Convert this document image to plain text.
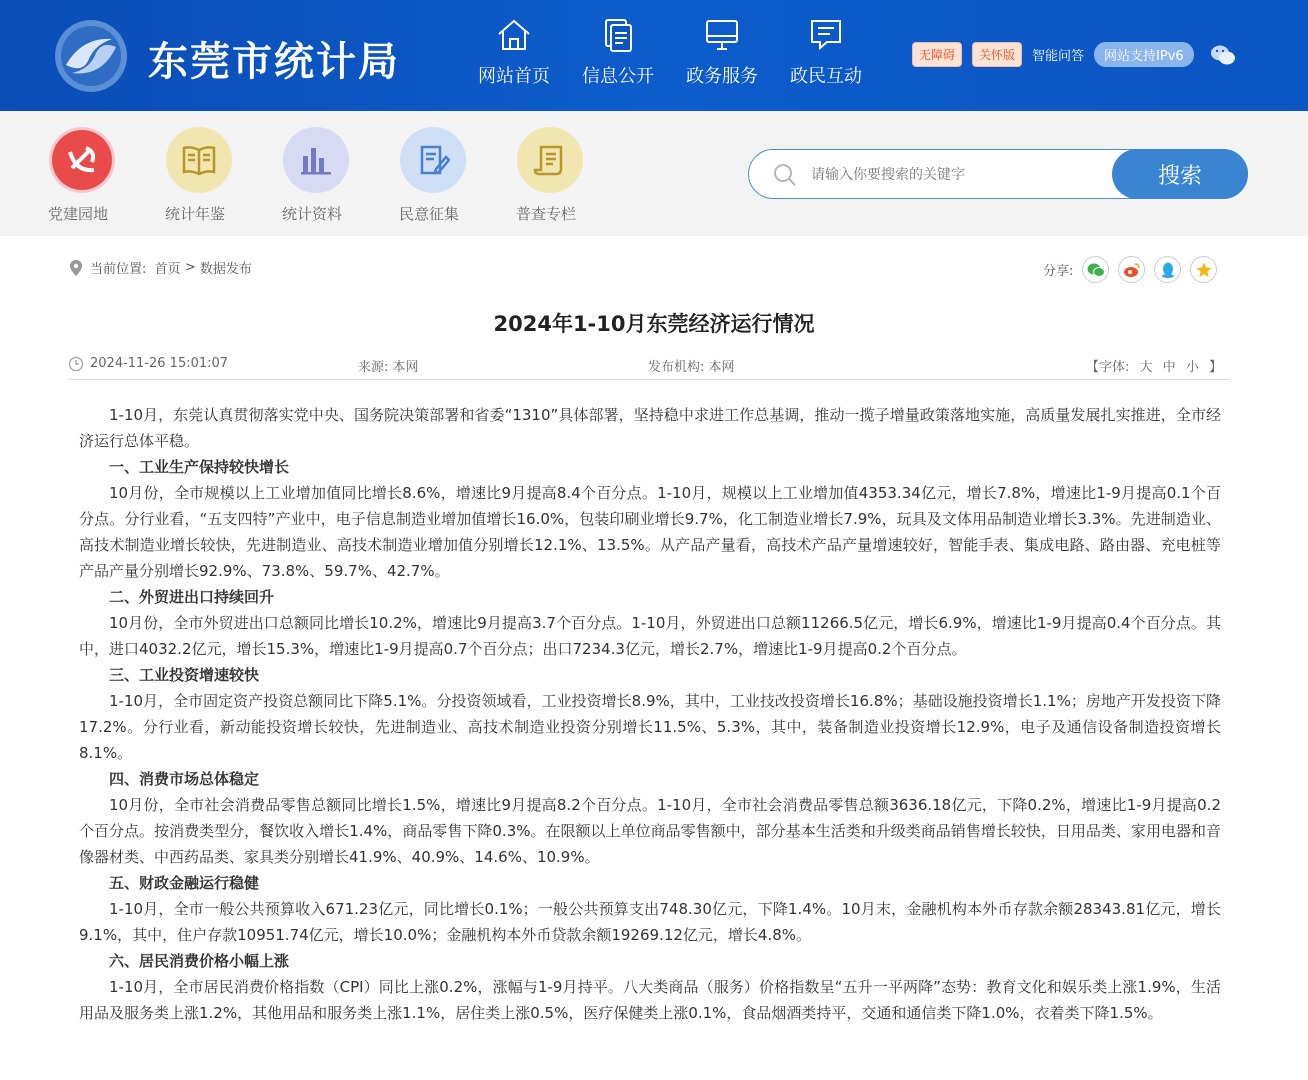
东莞市统计局	网站首页 信息公开 政务服务 政民互动
无障碍	关怀版	智能问答	网站支持IPv6
党建园地	统计年鉴	统计资料	民意征集	普查专栏
请输入你要搜索的关键字
搜索
当前位置:
首页
>
数据发布	分享:
2024年1-10月东莞经济运行情况
2024-11-26 15:01:07	来源: 本网	发布机构: 本网	【字体: 大 中 小 】

1-10月，东莞认真贯彻落实党中央、国务院决策部署和省委“1310”具体部署，坚持稳中求进工作总基调，推动一揽子增量政策落地实施，高质量发展扎实推进，全市经济运行总体平稳。

一、工业生产保持较快增长

10月份，全市规模以上工业增加值同比增长8.6%，增速比9月提高8.4个百分点。1-10月，规模以上工业增加值4353.34亿元，增长7.8%，增速比1-9月提高0.1个百分点。分行业看，“五支四特”产业中，电子信息制造业增加值增长16.0%，包装印刷业增长9.7%，化工制造业增长7.9%，玩具及文体用品制造业增长3.3%。先进制造业、高技术制造业增长较快，先进制造业、高技术制造业增加值分别增长12.1%、13.5%。从产品产量看，高技术产品产量增速较好，智能手表、集成电路、路由器、充电桩等产品产量分别增长92.9%、73.8%、59.7%、42.7%。

二、外贸进出口持续回升

10月份，全市外贸进出口总额同比增长10.2%，增速比9月提高3.7个百分点。1-10月，外贸进出口总额11266.5亿元，增长6.9%，增速比1-9月提高0.4个百分点。其中，进口4032.2亿元，增长15.3%，增速比1-9月提高0.7个百分点；出口7234.3亿元，增长2.7%，增速比1-9月提高0.2个百分点。

三、工业投资增速较快

1-10月，全市固定资产投资总额同比下降5.1%。分投资领域看，工业投资增长8.9%，其中，工业技改投资增长16.8%；基础设施投资增长1.1%；房地产开发投资下降17.2%。分行业看，新动能投资增长较快，先进制造业、高技术制造业投资分别增长11.5%、5.3%，其中，装备制造业投资增长12.9%，电子及通信设备制造投资增长8.1%。

四、消费市场总体稳定

10月份，全市社会消费品零售总额同比增长1.5%，增速比9月提高8.2个百分点。1-10月，全市社会消费品零售总额3636.18亿元，下降0.2%，增速比1-9月提高0.2个百分点。按消费类型分，餐饮收入增长1.4%，商品零售下降0.3%。在限额以上单位商品零售额中，部分基本生活类和升级类商品销售增长较快，日用品类、家用电器和音像器材类、中西药品类、家具类分别增长41.9%、40.9%、14.6%、10.9%。

五、财政金融运行稳健

1-10月，全市一般公共预算收入671.23亿元，同比增长0.1%；一般公共预算支出748.30亿元，下降1.4%。10月末，金融机构本外币存款余额28343.81亿元，增长9.1%，其中，住户存款10951.74亿元，增长10.0%；金融机构本外币贷款余额19269.12亿元，增长4.8%。

六、居民消费价格小幅上涨

1-10月，全市居民消费价格指数（CPI）同比上涨0.2%，涨幅与1-9月持平。八大类商品（服务）价格指数呈“五升一平两降”态势：教育文化和娱乐类上涨1.9%，生活用品及服务类上涨1.2%，其他用品和服务类上涨1.1%，居住类上涨0.5%，医疗保健类上涨0.1%，食品烟酒类持平，交通和通信类下降1.0%，衣着类下降1.5%。
